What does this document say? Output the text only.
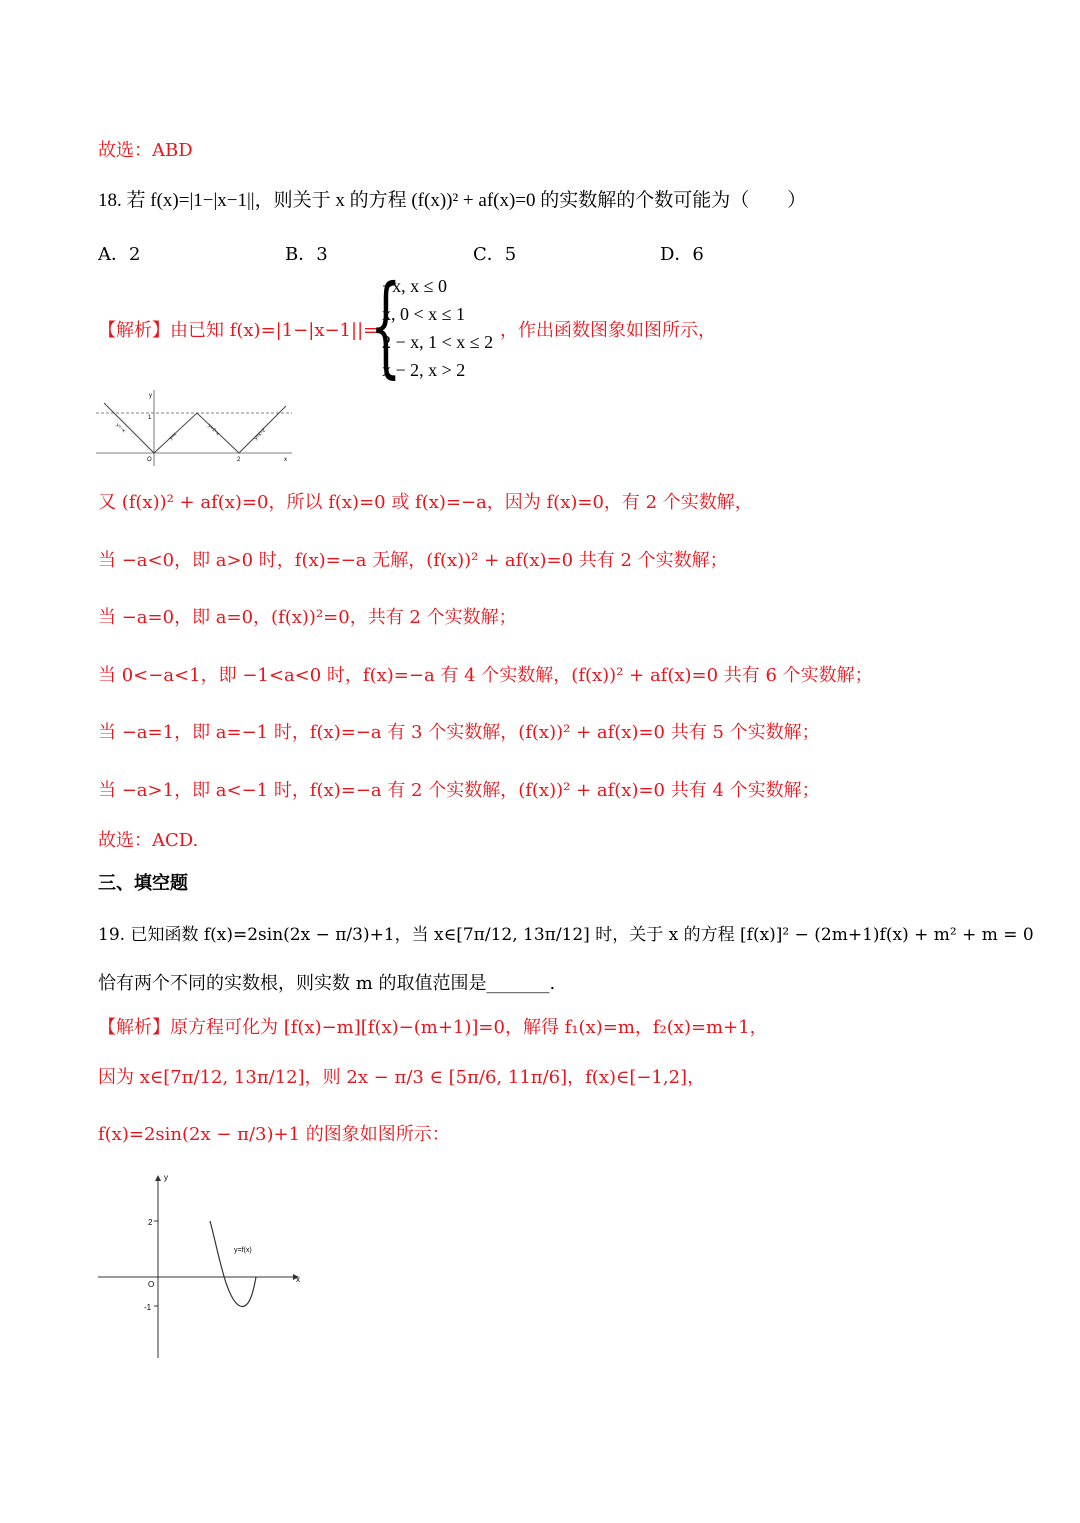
故选：ABD
18. 若 f(x)=|1−|x−1||，则关于 x 的方程 (f(x))² + af(x)=0 的实数解的个数可能为（　　）
A．2	B．3	C．5	D．6
【解析】由已知 f(x)=|1−|x−1||=
{
−x, x ≤ 0
x, 0 < x ≤ 1
2 − x, 1 < x ≤ 2
x − 2, x > 2
，作出函数图象如图所示，
y
1
O	2	x
y=−x
y=x	y=2−x	y=x−2
又 (f(x))² + af(x)=0，所以 f(x)=0 或 f(x)=−a，因为 f(x)=0，有 2 个实数解，
当 −a<0，即 a>0 时，f(x)=−a 无解，(f(x))² + af(x)=0 共有 2 个实数解；
当 −a=0，即 a=0，(f(x))²=0，共有 2 个实数解；
当 0<−a<1，即 −1<a<0 时，f(x)=−a 有 4 个实数解，(f(x))² + af(x)=0 共有 6 个实数解；
当 −a=1，即 a=−1 时，f(x)=−a 有 3 个实数解，(f(x))² + af(x)=0 共有 5 个实数解；
当 −a>1，即 a<−1 时，f(x)=−a 有 2 个实数解，(f(x))² + af(x)=0 共有 4 个实数解；
故选：ACD.
三、填空题
19. 已知函数 f(x)=2sin(2x − π/3)+1，当 x∈[7π/12, 13π/12] 时，关于 x 的方程 [f(x)]² − (2m+1)f(x) + m² + m = 0
恰有两个不同的实数根，则实数 m 的取值范围是_______.
【解析】原方程可化为 [f(x)−m][f(x)−(m+1)]=0，解得 f₁(x)=m，f₂(x)=m+1，
因为 x∈[7π/12, 13π/12]，则 2x − π/3 ∈ [5π/6, 11π/6]，f(x)∈[−1,2]，
f(x)=2sin(2x − π/3)+1 的图象如图所示：
y
2
O
-1
x
y=f(x)
